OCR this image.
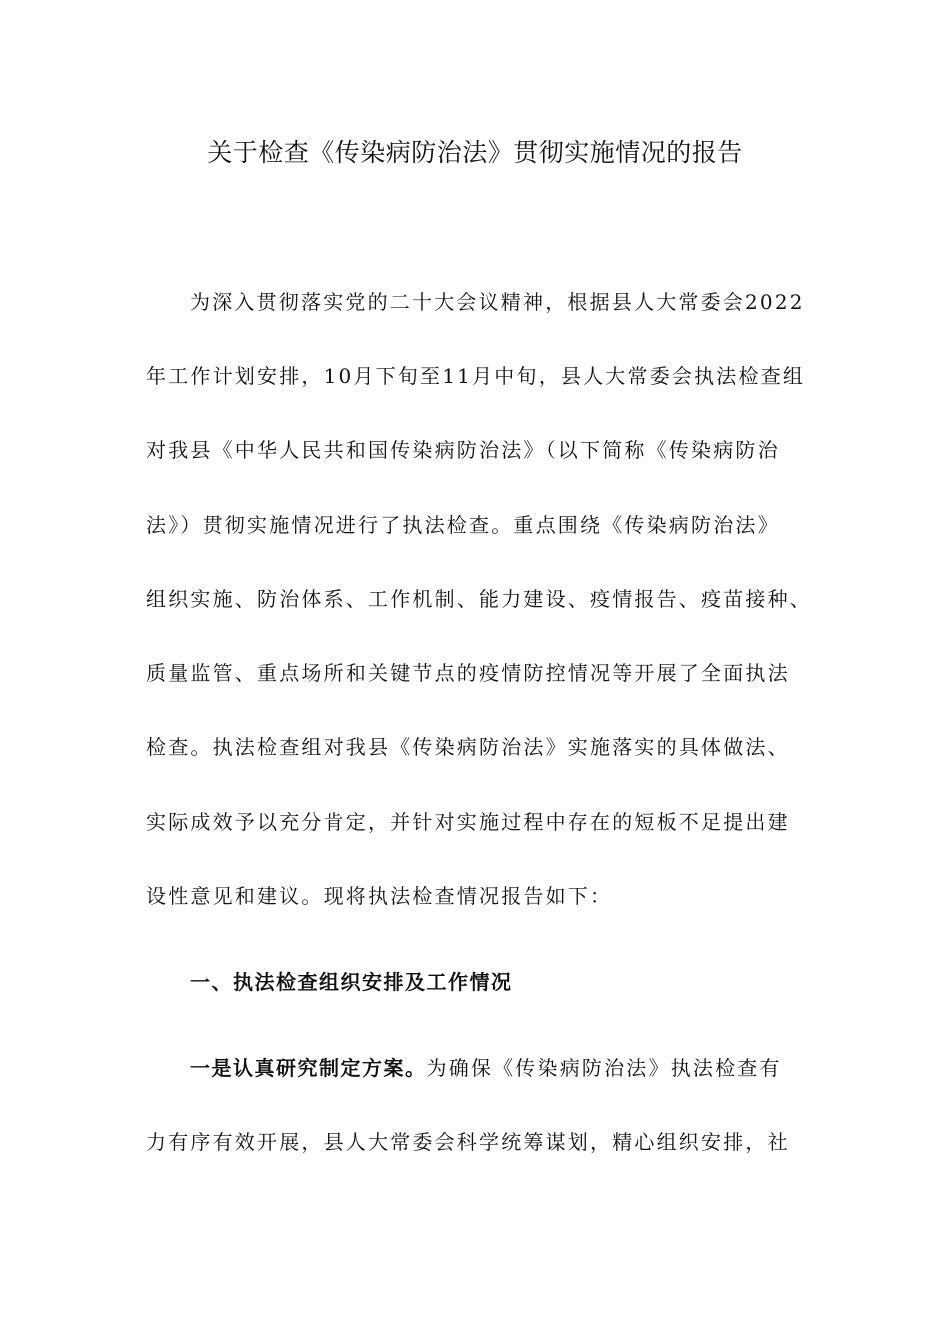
关于检查《传染病防治法》贯彻实施情况的报告
为深入贯彻落实党的二十大会议精神，根据县人大常委会2022
年工作计划安排，10月下旬至11月中旬，县人大常委会执法检查组
对我县《中华人民共和国传染病防治法》（以下简称《传染病防治
法》）贯彻实施情况进行了执法检查。重点围绕《传染病防治法》
组织实施、防治体系、工作机制、能力建设、疫情报告、疫苗接种、
质量监管、重点场所和关键节点的疫情防控情况等开展了全面执法
检查。执法检查组对我县《传染病防治法》实施落实的具体做法、
实际成效予以充分肯定，并针对实施过程中存在的短板不足提出建
设性意见和建议。现将执法检查情况报告如下：
一、执法检查组织安排及工作情况
一是认真研究制定方案。为确保《传染病防治法》执法检查有
力有序有效开展，县人大常委会科学统筹谋划，精心组织安排，社
